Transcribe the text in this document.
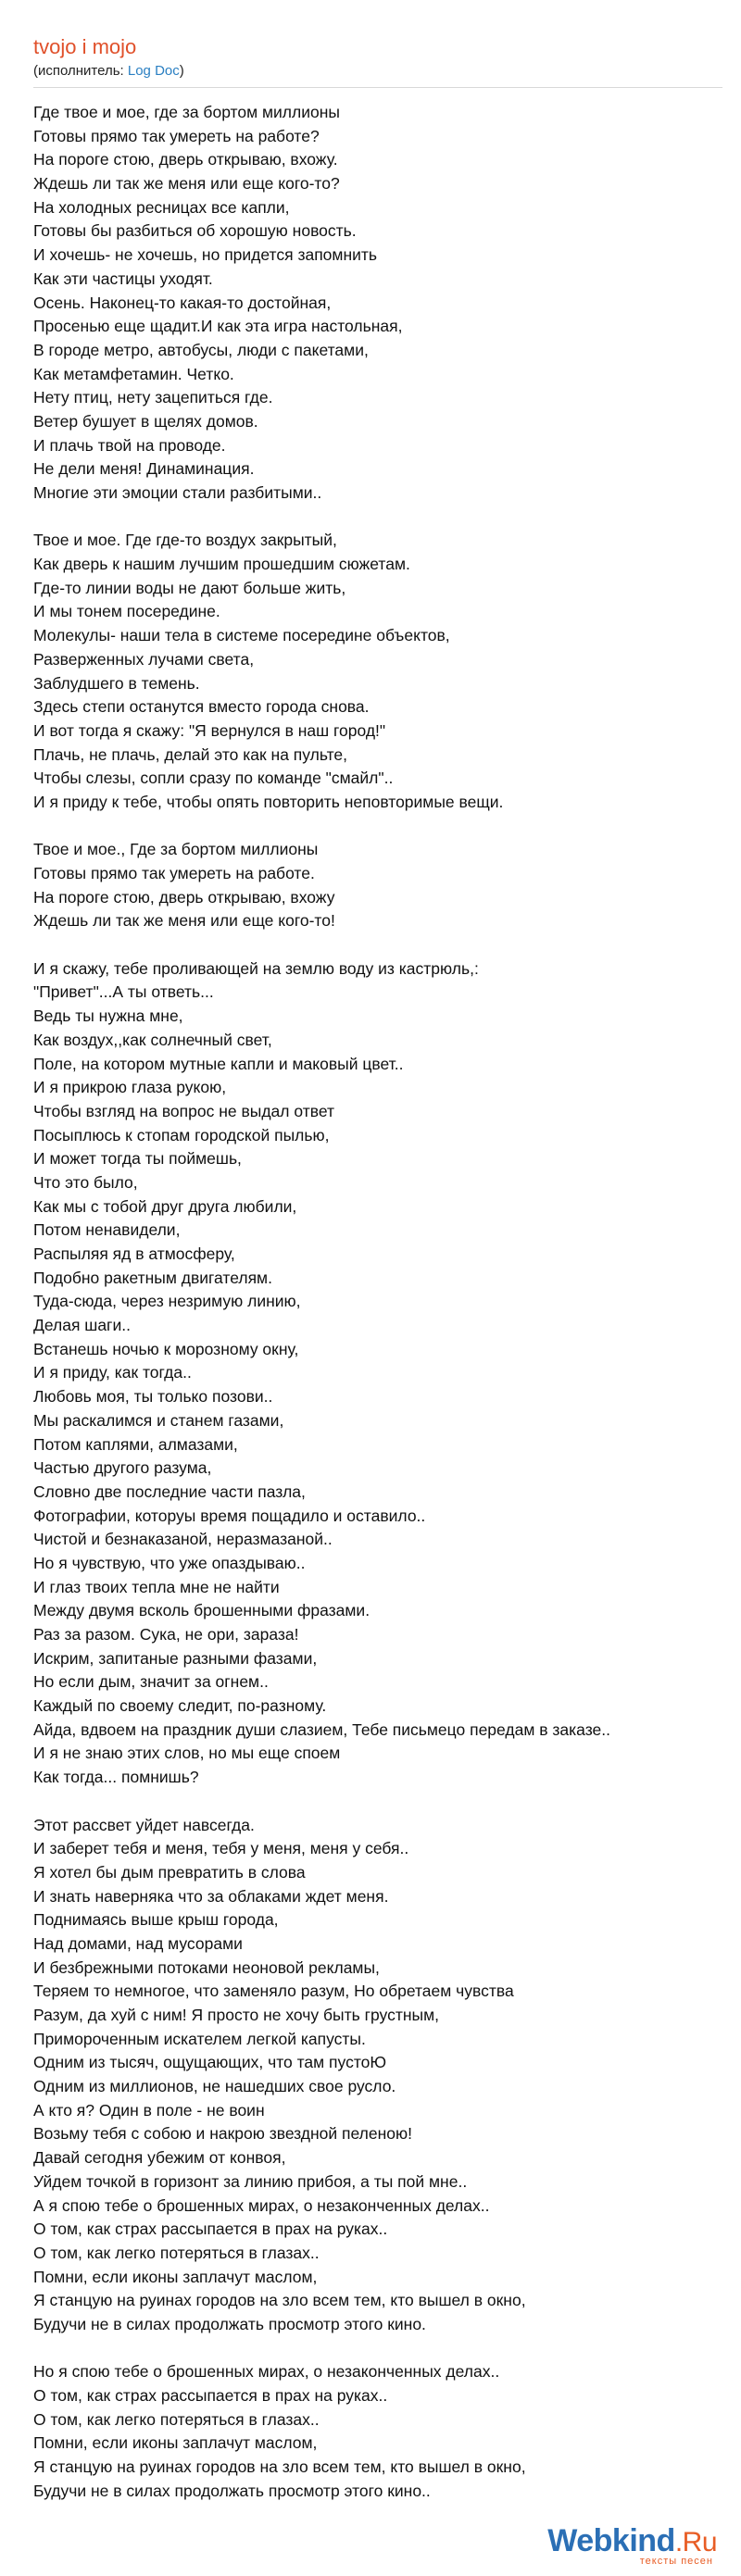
tvojo i mojo
(исполнитель: Log Doc)
Где твое и мое, где за бортом миллионы
Готовы прямо так умереть на работе?
На пороге стою, дверь открываю, вхожу.
Ждешь ли так же меня или еще кого-то?
На холодных ресницах все капли,
Готовы бы разбиться об хорошую новость.
И хочешь- не хочешь, но придется запомнить
Как эти частицы уходят.
Осень. Наконец-то какая-то достойная,
Просенью еще щадит.И как эта игра настольная,
В городе метро, автобусы, люди с пакетами,
Как метамфетамин. Четко.
Нету птиц, нету зацепиться где.
Ветер бушует в щелях домов.
И плачь твой на проводе.
Не дели меня! Динаминация.
Многие эти эмоции стали разбитыми..
Твое и мое. Где где-то воздух закрытый,
Как дверь к нашим лучшим прошедшим сюжетам.
Где-то линии воды не дают больше жить,
И мы тонем посередине.
Молекулы- наши тела в системе посередине объектов,
Разверженных лучами света,
Заблудшего в темень.
Здесь степи останутся вместо города снова.
И вот тогда я скажу: "Я вернулся в наш город!"
Плачь, не плачь, делай это как на пульте,
Чтобы слезы, сопли сразу по команде "смайл"..
И я приду к тебе, чтобы опять повторить неповторимые вещи.
Твое и мое., Где за бортом миллионы
Готовы прямо так умереть на работе.
На пороге стою, дверь открываю, вхожу
Ждешь ли так же меня или еще кого-то!
И я скажу, тебе проливающей на землю воду из кастрюль,:
"Привет"...А ты ответь...
Ведь ты нужна мне,
Как воздух,,как солнечный свет,
Поле, на котором мутные капли и маковый цвет..
И я прикрою глаза рукою,
Чтобы взгляд на вопрос не выдал ответ
Посыплюсь к стопам городской пылью,
И может тогда ты поймешь,
Что это было,
Как мы с тобой друг друга любили,
Потом ненавидели,
Распыляя яд в атмосферу,
Подобно ракетным двигателям.
Туда-сюда, через незримую линию,
Делая шаги..
Встанешь ночью к морозному окну,
И я приду, как тогда..
Любовь моя, ты только позови..
Мы раскалимся и станем газами,
Потом каплями, алмазами,
Частью другого разума,
Словно две последние части пазла,
Фотографии, которуы время пощадило и оставило..
Чистой и безнаказаной, неразмазаной..
Но я чувствую, что уже опаздываю..
И глаз твоих тепла мне не найти
Между двумя всколь брошенными фразами.
Раз за разом. Сука, не ори, зараза!
Искрим, запитаные разными фазами,
Но если дым, значит за огнем..
Каждый по своему следит, по-разному.
Айда, вдвоем на праздник души слазием, Тебе письмецо передам в заказе..
И я не знаю этих слов, но мы еще споем
Как тогда... помнишь?
Этот рассвет уйдет навсегда.
И заберет тебя и меня, тебя у меня, меня у себя..
Я хотел бы дым превратить в слова
И знать наверняка что за облаками ждет меня.
Поднимаясь выше крыш города,
Над домами, над мусорами
И безбрежными потоками неоновой рекламы,
Теряем то немногое, что заменяло разум, Но обретаем чувства
Разум, да хуй с ним! Я просто не хочу быть грустным,
Примороченным искателем легкой капусты.
Одним из тысяч, ощущающих, что там пустоЮ
Одним из миллионов, не нашедших свое русло.
А кто я? Один в поле - не воин
Возьму тебя с собою и накрою звездной пеленою!
Давай сегодня убежим от конвоя,
Уйдем точкой в горизонт за линию прибоя, а ты пой мне..
А я спою тебе о брошенных мирах, о незаконченных делах..
О том, как страх рассыпается в прах на руках..
О том, как легко потеряться в глазах..
Помни, если иконы заплачут маслом,
Я станцую на руинах городов на зло всем тем, кто вышел в окно,
Будучи не в силах продолжать просмотр этого кино.
Но я спою тебе о брошенных мирах, о незаконченных делах..
О том, как страх рассыпается в прах на руках..
О том, как легко потеряться в глазах..
Помни, если иконы заплачут маслом,
Я станцую на руинах городов на зло всем тем, кто вышел в окно,
Будучи не в силах продолжать просмотр этого кино..
Webkind.Ru
тексты песен
